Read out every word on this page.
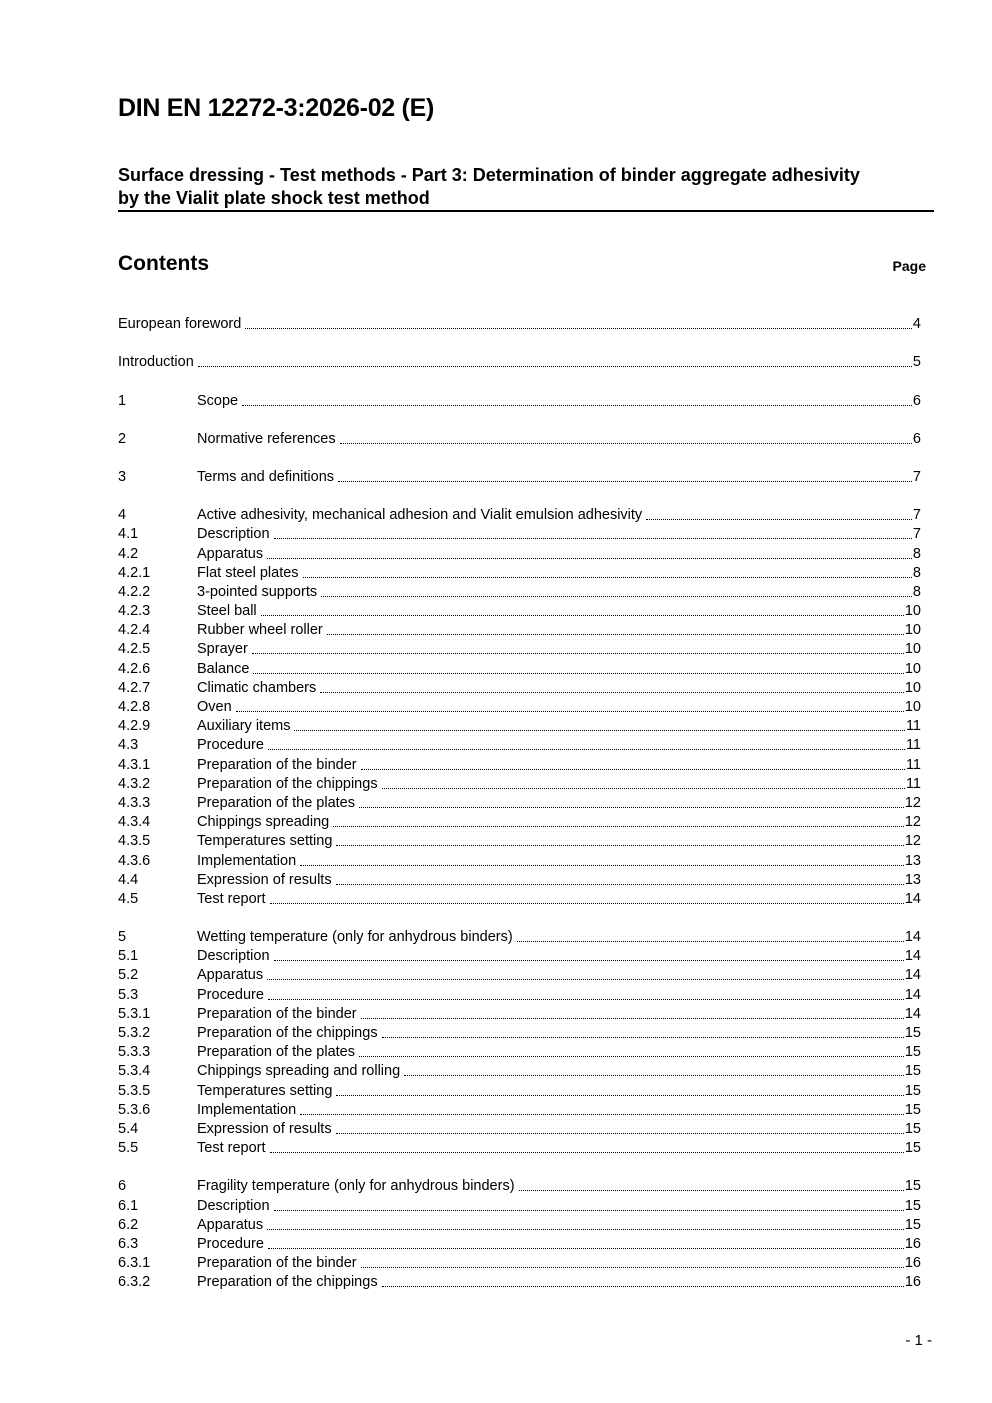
DIN EN 12272-3:2026-02 (E)
Surface dressing - Test methods - Part 3: Determination of binder aggregate adhesivity by the Vialit plate shock test method
Contents	Page
European foreword	4
Introduction	5
1	Scope	6
2	Normative references	6
3	Terms and definitions	7
4	Active adhesivity, mechanical adhesion and Vialit emulsion adhesivity	7
4.1	Description	7
4.2	Apparatus	8
4.2.1	Flat steel plates	8
4.2.2	3-pointed supports	8
4.2.3	Steel ball	10
4.2.4	Rubber wheel roller	10
4.2.5	Sprayer	10
4.2.6	Balance	10
4.2.7	Climatic chambers	10
4.2.8	Oven	10
4.2.9	Auxiliary items	11
4.3	Procedure	11
4.3.1	Preparation of the binder	11
4.3.2	Preparation of the chippings	11
4.3.3	Preparation of the plates	12
4.3.4	Chippings spreading	12
4.3.5	Temperatures setting	12
4.3.6	Implementation	13
4.4	Expression of results	13
4.5	Test report	14
5	Wetting temperature (only for anhydrous binders)	14
5.1	Description	14
5.2	Apparatus	14
5.3	Procedure	14
5.3.1	Preparation of the binder	14
5.3.2	Preparation of the chippings	15
5.3.3	Preparation of the plates	15
5.3.4	Chippings spreading and rolling	15
5.3.5	Temperatures setting	15
5.3.6	Implementation	15
5.4	Expression of results	15
5.5	Test report	15
6	Fragility temperature (only for anhydrous binders)	15
6.1	Description	15
6.2	Apparatus	15
6.3	Procedure	16
6.3.1	Preparation of the binder	16
6.3.2	Preparation of the chippings	16
- 1 -
